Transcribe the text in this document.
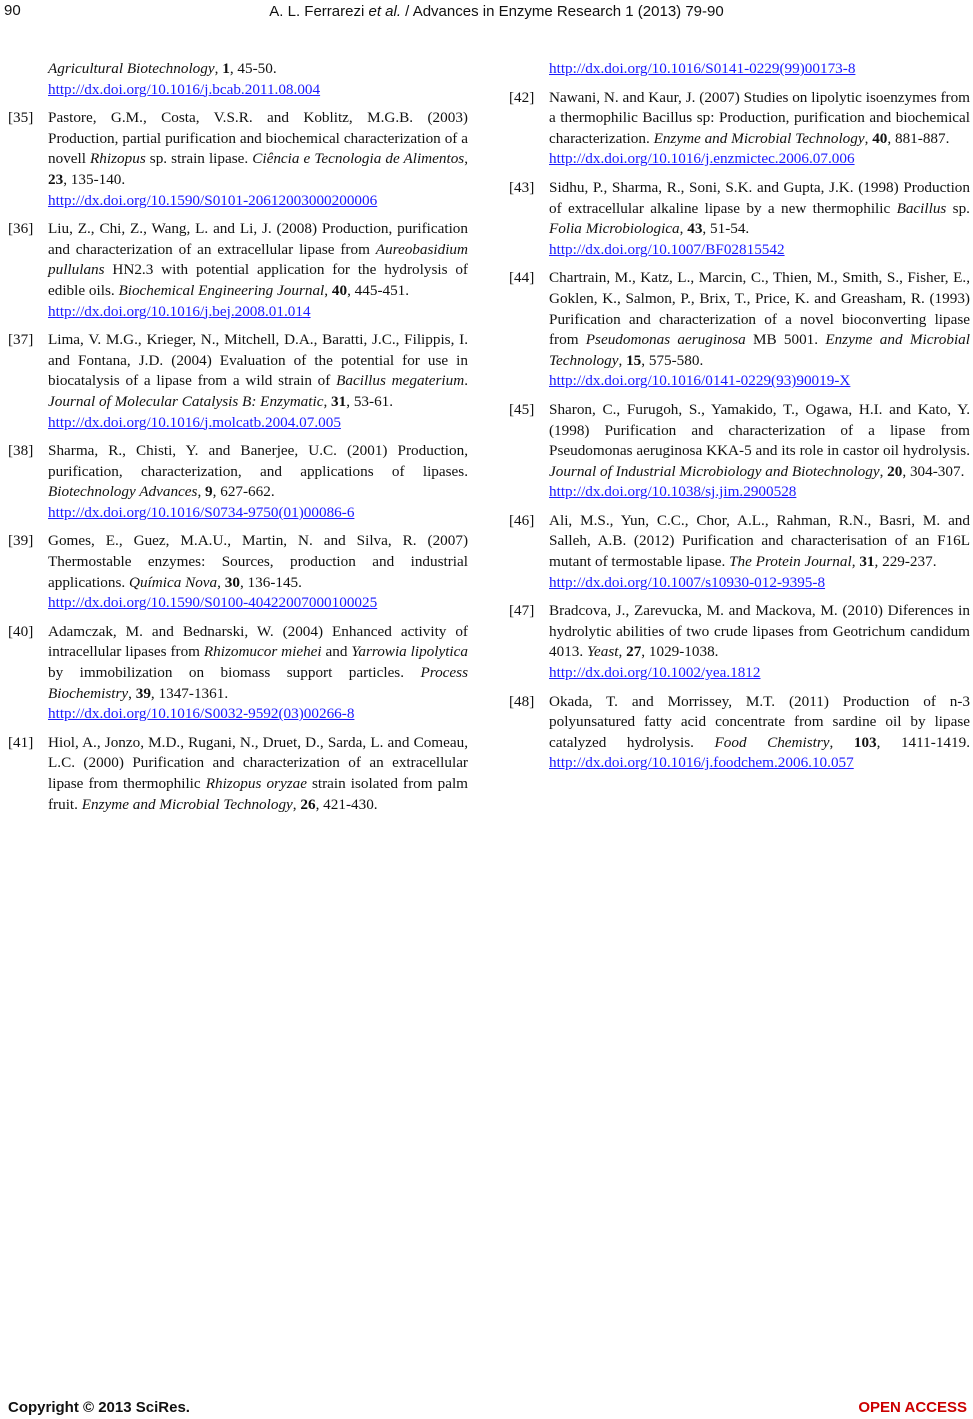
90	A. L. Ferrarezi et al. / Advances in Enzyme Research 1 (2013) 79-90
Agricultural Biotechnology, 1, 45-50.
http://dx.doi.org/10.1016/j.bcab.2011.08.004
[35] Pastore, G.M., Costa, V.S.R. and Koblitz, M.G.B. (2003) Production, partial purification and biochemical characterization of a novell Rhizopus sp. strain lipase. Ciência e Tecnologia de Alimentos, 23, 135-140.
http://dx.doi.org/10.1590/S0101-20612003000200006
[36] Liu, Z., Chi, Z., Wang, L. and Li, J. (2008) Production, purification and characterization of an extracellular lipase from Aureobasidium pullulans HN2.3 with potential application for the hydrolysis of edible oils. Biochemical Engineering Journal, 40, 445-451.
http://dx.doi.org/10.1016/j.bej.2008.01.014
[37] Lima, V. M.G., Krieger, N., Mitchell, D.A., Baratti, J.C., Filippis, I. and Fontana, J.D. (2004) Evaluation of the potential for use in biocatalysis of a lipase from a wild strain of Bacillus megaterium. Journal of Molecular Catalysis B: Enzymatic, 31, 53-61.
http://dx.doi.org/10.1016/j.molcatb.2004.07.005
[38] Sharma, R., Chisti, Y. and Banerjee, U.C. (2001) Production, purification, characterization, and applications of lipases. Biotechnology Advances, 9, 627-662.
http://dx.doi.org/10.1016/S0734-9750(01)00086-6
[39] Gomes, E., Guez, M.A.U., Martin, N. and Silva, R. (2007) Thermostable enzymes: Sources, production and industrial applications. Química Nova, 30, 136-145.
http://dx.doi.org/10.1590/S0100-40422007000100025
[40] Adamczak, M. and Bednarski, W. (2004) Enhanced activity of intracellular lipases from Rhizomucor miehei and Yarrowia lipolytica by immobilization on biomass support particles. Process Biochemistry, 39, 1347-1361.
http://dx.doi.org/10.1016/S0032-9592(03)00266-8
[41] Hiol, A., Jonzo, M.D., Rugani, N., Druet, D., Sarda, L. and Comeau, L.C. (2000) Purification and characterization of an extracellular lipase from thermophilic Rhizopus oryzae strain isolated from palm fruit. Enzyme and Microbial Technology, 26, 421-430.
http://dx.doi.org/10.1016/S0141-0229(99)00173-8
[42] Nawani, N. and Kaur, J. (2007) Studies on lipolytic isoenzymes from a thermophilic Bacillus sp: Production, purification and biochemical characterization. Enzyme and Microbial Technology, 40, 881-887.
http://dx.doi.org/10.1016/j.enzmictec.2006.07.006
[43] Sidhu, P., Sharma, R., Soni, S.K. and Gupta, J.K. (1998) Production of extracellular alkaline lipase by a new thermophilic Bacillus sp. Folia Microbiologica, 43, 51-54.
http://dx.doi.org/10.1007/BF02815542
[44] Chartrain, M., Katz, L., Marcin, C., Thien, M., Smith, S., Fisher, E., Goklen, K., Salmon, P., Brix, T., Price, K. and Greasham, R. (1993) Purification and characterization of a novel bioconverting lipase from Pseudomonas aeruginosa MB 5001. Enzyme and Microbial Technology, 15, 575-580.
http://dx.doi.org/10.1016/0141-0229(93)90019-X
[45] Sharon, C., Furugoh, S., Yamakido, T., Ogawa, H.I. and Kato, Y. (1998) Purification and characterization of a lipase from Pseudomonas aeruginosa KKA-5 and its role in castor oil hydrolysis. Journal of Industrial Microbiology and Biotechnology, 20, 304-307.
http://dx.doi.org/10.1038/sj.jim.2900528
[46] Ali, M.S., Yun, C.C., Chor, A.L., Rahman, R.N., Basri, M. and Salleh, A.B. (2012) Purification and characterisation of an F16L mutant of termostable lipase. The Protein Journal, 31, 229-237.
http://dx.doi.org/10.1007/s10930-012-9395-8
[47] Bradcova, J., Zarevucka, M. and Mackova, M. (2010) Diferences in hydrolytic abilities of two crude lipases from Geotrichum candidum 4013. Yeast, 27, 1029-1038.
http://dx.doi.org/10.1002/yea.1812
[48] Okada, T. and Morrissey, M.T. (2011) Production of n-3 polyunsatured fatty acid concentrate from sardine oil by lipase catalyzed hydrolysis. Food Chemistry, 103, 1411-1419. http://dx.doi.org/10.1016/j.foodchem.2006.10.057
Copyright © 2013 SciRes.	OPEN ACCESS
